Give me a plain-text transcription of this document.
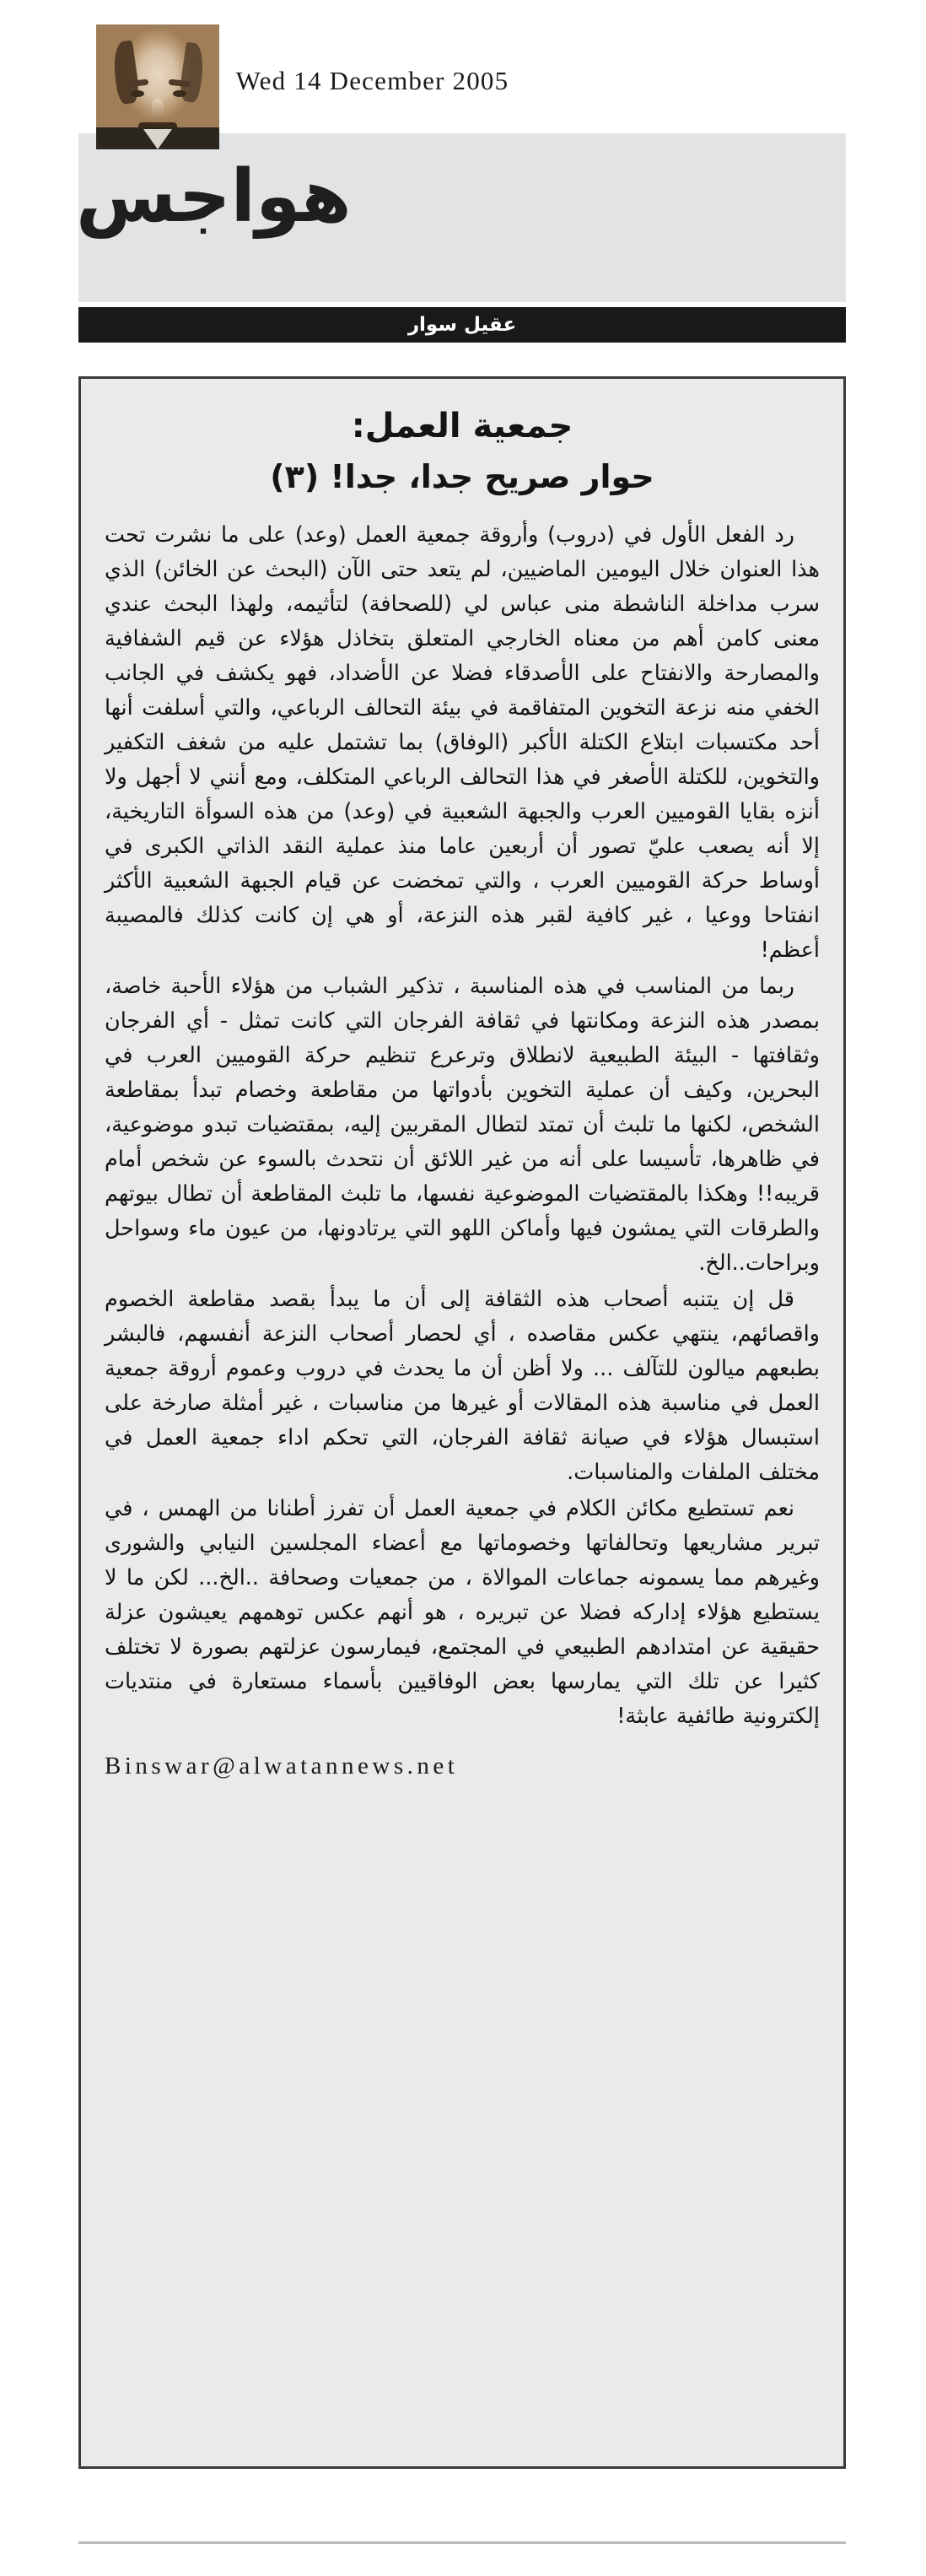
Wed 14 December 2005
هواجس
عقيل سوار
جمعية العمل:
حوار صريح جدا، جدا! (٣)

رد الفعل الأول في (دروب) وأروقة جمعية العمل (وعد) على ما نشرت تحت هذا العنوان خلال اليومين الماضيين، لم يتعد حتى الآن (البحث عن الخائن) الذي سرب مداخلة الناشطة منى عباس لي (للصحافة) لتأثيمه، ولهذا البحث عندي معنى كامن أهم من معناه الخارجي المتعلق بتخاذل هؤلاء عن قيم الشفافية والمصارحة والانفتاح على الأصدقاء فضلا عن الأضداد، فهو يكشف في الجانب الخفي منه نزعة التخوين المتفاقمة في بيئة التحالف الرباعي، والتي أسلفت أنها أحد مكتسبات ابتلاع الكتلة الأكبر (الوفاق) بما تشتمل عليه من شغف التكفير والتخوين، للكتلة الأصغر في هذا التحالف الرباعي المتكلف، ومع أنني لا أجهل ولا أنزه بقايا القوميين العرب والجبهة الشعبية في (وعد) من هذه السوأة التاريخية، إلا أنه يصعب عليّ تصور أن أربعين عاما منذ عملية النقد الذاتي الكبرى في أوساط حركة القوميين العرب ، والتي تمخضت عن قيام الجبهة الشعبية الأكثر انفتاحا ووعيا ، غير كافية لقبر هذه النزعة، أو هي إن كانت كذلك فالمصيبة أعظم!

ربما من المناسب في هذه المناسبة ، تذكير الشباب من هؤلاء الأحبة خاصة، بمصدر هذه النزعة ومكانتها في ثقافة الفرجان التي كانت تمثل - أي الفرجان وثقافتها - البيئة الطبيعية لانطلاق وترعرع تنظيم حركة القوميين العرب في البحرين، وكيف أن عملية التخوين بأدواتها من مقاطعة وخصام تبدأ بمقاطعة الشخص، لكنها ما تلبث أن تمتد لتطال المقربين إليه، بمقتضيات تبدو موضوعية، في ظاهرها، تأسيسا على أنه من غير اللائق أن نتحدث بالسوء عن شخص أمام قريبه!! وهكذا بالمقتضيات الموضوعية نفسها، ما تلبث المقاطعة أن تطال بيوتهم والطرقات التي يمشون فيها وأماكن اللهو التي يرتادونها، من عيون ماء وسواحل وبراحات..الخ.

قل إن يتنبه أصحاب هذه الثقافة إلى أن ما يبدأ بقصد مقاطعة الخصوم واقصائهم، ينتهي عكس مقاصده ، أي لحصار أصحاب النزعة أنفسهم، فالبشر بطبعهم ميالون للتآلف ... ولا أظن أن ما يحدث في دروب وعموم أروقة جمعية العمل في مناسبة هذه المقالات أو غيرها من مناسبات ، غير أمثلة صارخة على استبسال هؤلاء في صيانة ثقافة الفرجان، التي تحكم اداء جمعية العمل في مختلف الملفات والمناسبات.

نعم تستطيع مكائن الكلام في جمعية العمل أن تفرز أطنانا من الهمس ، في تبرير مشاريعها وتحالفاتها وخصوماتها مع أعضاء المجلسين النيابي والشورى وغيرهم مما يسمونه جماعات الموالاة ، من جمعيات وصحافة ..الخ... لكن ما لا يستطيع هؤلاء إداركه فضلا عن تبريره ، هو أنهم عكس توهمهم يعيشون عزلة حقيقية عن امتدادهم الطبيعي في المجتمع، فيمارسون عزلتهم بصورة لا تختلف كثيرا عن تلك التي يمارسها بعض الوفاقيين بأسماء مستعارة في منتديات إلكترونية طائفية عابثة!

Binswar@alwatannews.net
